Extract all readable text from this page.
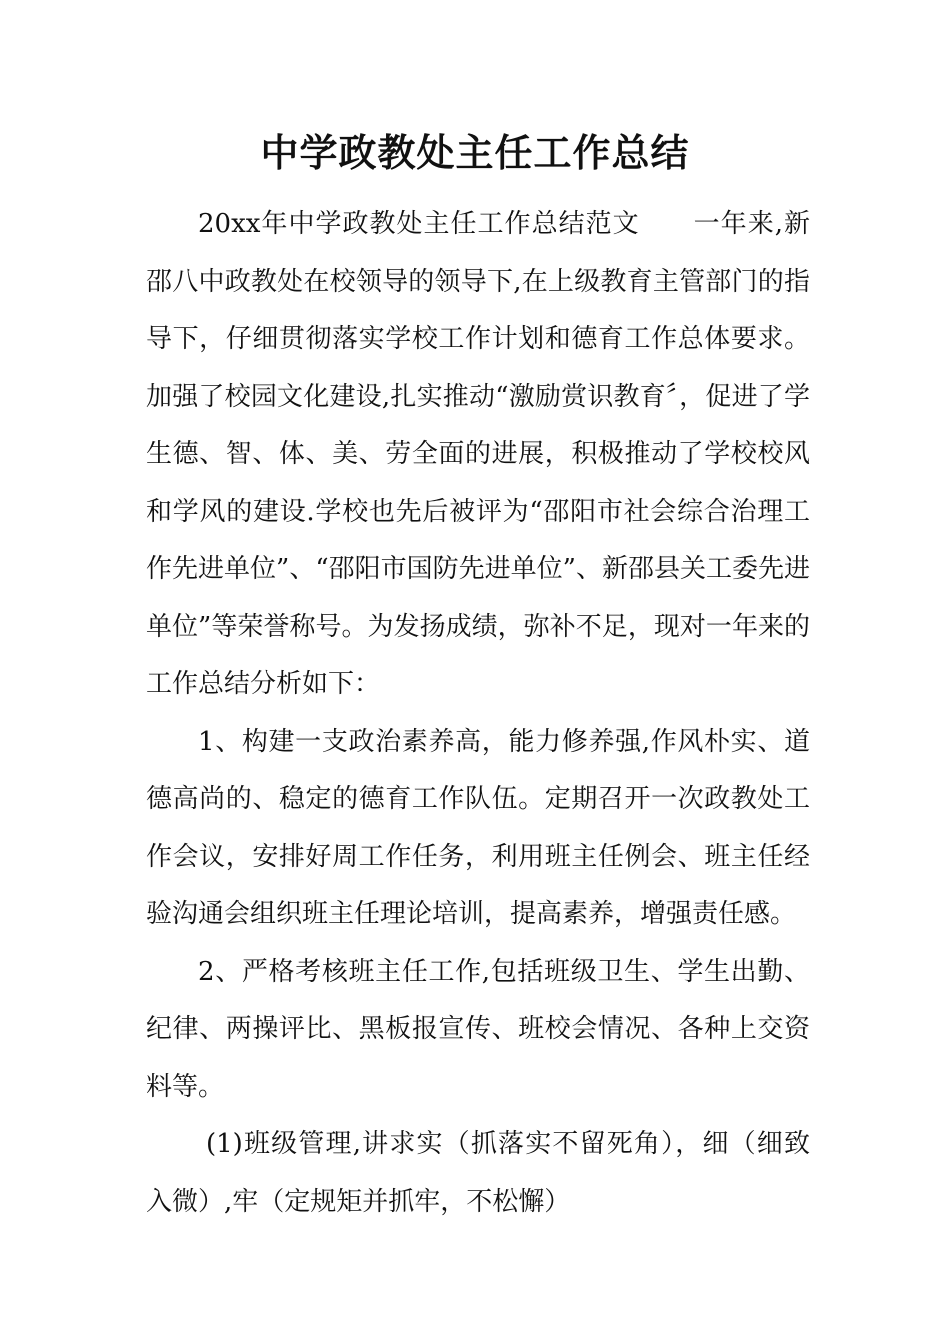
中学政教处主任工作总结

20xx年中学政教处主任工作总结范文　　一年来,新邵八中政教处在校领导的领导下,在上级教育主管部门的指导下，仔细贯彻落实学校工作计划和德育工作总体要求。加强了校园文化建设,扎实推动“激励赏识教育〞，促进了学生德、智、体、美、劳全面的进展，积极推动了学校校风和学风的建设.学校也先后被评为“邵阳市社会综合治理工作先进单位”、“邵阳市国防先进单位”、新邵县关工委先进单位”等荣誉称号。为发扬成绩，弥补不足，现对一年来的工作总结分析如下：

1、构建一支政治素养高，能力修养强,作风朴实、道德高尚的、稳定的德育工作队伍。定期召开一次政教处工作会议，安排好周工作任务，利用班主任例会、班主任经验沟通会组织班主任理论培训，提高素养，增强责任感。

2、严格考核班主任工作,包括班级卫生、学生出勤、纪律、两操评比、黑板报宣传、班校会情况、各种上交资料等。

(1)班级管理,讲求实（抓落实不留死角），细（细致入微）,牢（定规矩并抓牢，不松懈）
